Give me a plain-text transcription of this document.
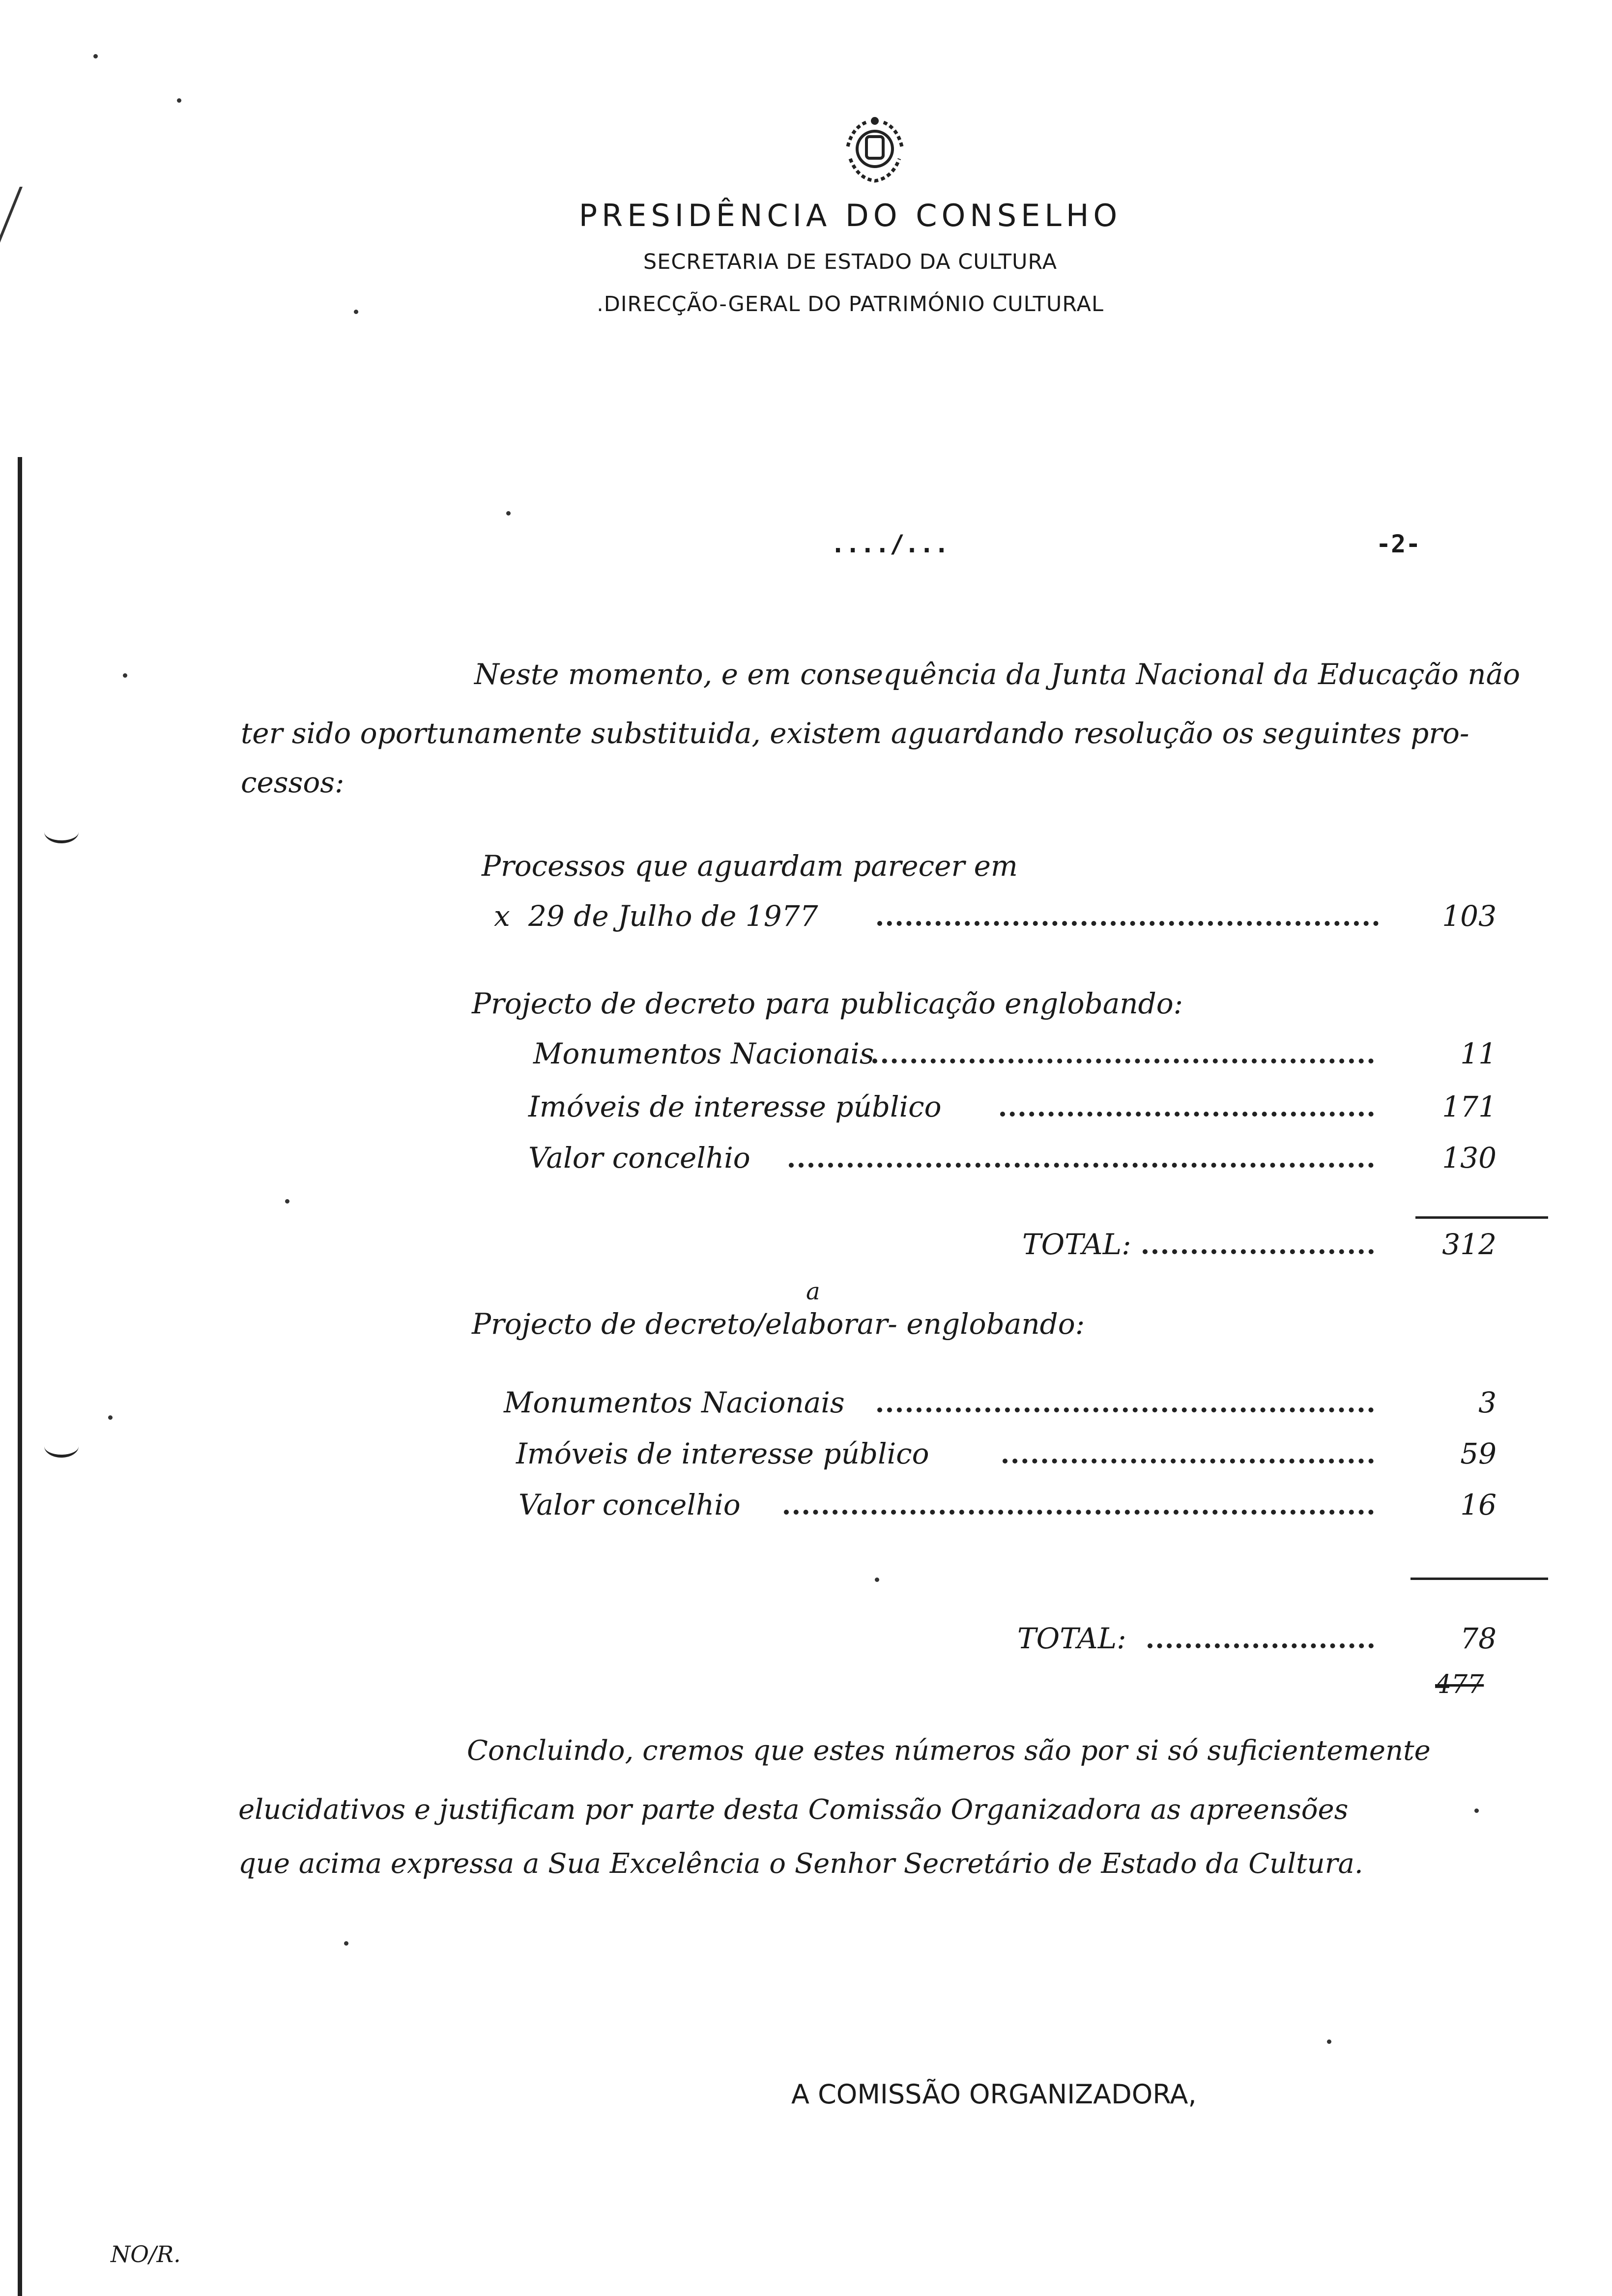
PRESIDÊNCIA DO CONSELHO
SECRETARIA DE ESTADO DA CULTURA
.DIRECÇÃO-GERAL DO PATRIMÓNIO CULTURAL
..../...	-2-
Neste momento, e em consequência da Junta Nacional da Educação não
ter sido oportunamente substituida, existem aguardando resolução os seguintes pro-
cessos:
Processos que aguardam parecer em
x 29 de Julho de 1977	103
Projecto de decreto para publicação englobando:
Monumentos Nacionais	11
Imóveis de interesse público	171
Valor concelhio	130
TOTAL:	312
a
Projecto de decreto/elaborar- englobando:
Monumentos Nacionais	3
Imóveis de interesse público	59
Valor concelhio	16
TOTAL:	78
477
Concluindo, cremos que estes números são por si só suficientemente
elucidativos e justificam por parte desta Comissão Organizadora as apreensões
que acima expressa a Sua Excelência o Senhor Secretário de Estado da Cultura.
A COMISSÃO ORGANIZADORA,
NO/R.
